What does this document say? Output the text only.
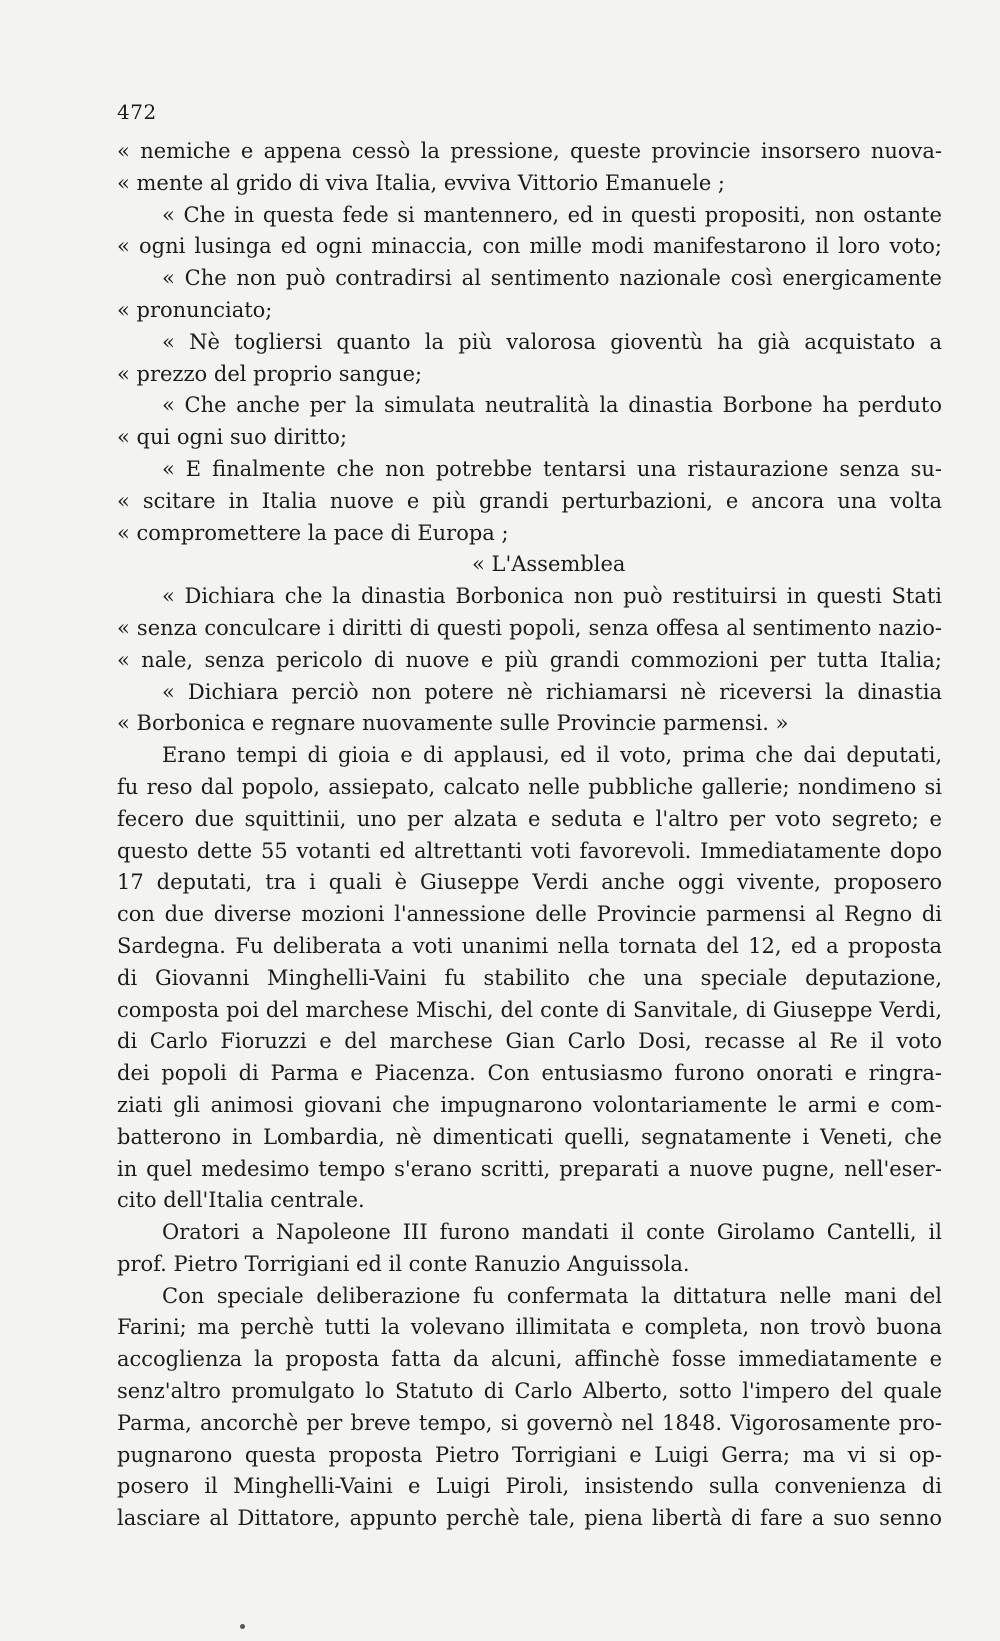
472
« nemiche e appena cessò la pressione, queste provincie insorsero nuova-
« mente al grido di viva Italia, evviva Vittorio Emanuele ;
« Che in questa fede si mantennero, ed in questi propositi, non ostante
« ogni lusinga ed ogni minaccia, con mille modi manifestarono il loro voto;
« Che non può contradirsi al sentimento nazionale così energicamente
« pronunciato;
« Nè togliersi quanto la più valorosa gioventù ha già acquistato a
« prezzo del proprio sangue;
« Che anche per la simulata neutralità la dinastia Borbone ha perduto
« qui ogni suo diritto;
« E finalmente che non potrebbe tentarsi una ristaurazione senza su-
« scitare in Italia nuove e più grandi perturbazioni, e ancora una volta
« compromettere la pace di Europa ;
« L'Assemblea
« Dichiara che la dinastia Borbonica non può restituirsi in questi Stati
« senza conculcare i diritti di questi popoli, senza offesa al sentimento nazio-
« nale, senza pericolo di nuove e più grandi commozioni per tutta Italia;
« Dichiara perciò non potere nè richiamarsi nè riceversi la dinastia
« Borbonica e regnare nuovamente sulle Provincie parmensi. »
Erano tempi di gioia e di applausi, ed il voto, prima che dai deputati,
fu reso dal popolo, assiepato, calcato nelle pubbliche gallerie; nondimeno si
fecero due squittinii, uno per alzata e seduta e l'altro per voto segreto; e
questo dette 55 votanti ed altrettanti voti favorevoli. Immediatamente dopo
17 deputati, tra i quali è Giuseppe Verdi anche oggi vivente, proposero
con due diverse mozioni l'annessione delle Provincie parmensi al Regno di
Sardegna. Fu deliberata a voti unanimi nella tornata del 12, ed a proposta
di Giovanni Minghelli-Vaini fu stabilito che una speciale deputazione,
composta poi del marchese Mischi, del conte di Sanvitale, di Giuseppe Verdi,
di Carlo Fioruzzi e del marchese Gian Carlo Dosi, recasse al Re il voto
dei popoli di Parma e Piacenza. Con entusiasmo furono onorati e ringra-
ziati gli animosi giovani che impugnarono volontariamente le armi e com-
batterono in Lombardia, nè dimenticati quelli, segnatamente i Veneti, che
in quel medesimo tempo s'erano scritti, preparati a nuove pugne, nell'eser-
cito dell'Italia centrale.
Oratori a Napoleone III furono mandati il conte Girolamo Cantelli, il
prof. Pietro Torrigiani ed il conte Ranuzio Anguissola.
Con speciale deliberazione fu confermata la dittatura nelle mani del
Farini; ma perchè tutti la volevano illimitata e completa, non trovò buona
accoglienza la proposta fatta da alcuni, affinchè fosse immediatamente e
senz'altro promulgato lo Statuto di Carlo Alberto, sotto l'impero del quale
Parma, ancorchè per breve tempo, si governò nel 1848. Vigorosamente pro-
pugnarono questa proposta Pietro Torrigiani e Luigi Gerra; ma vi si op-
posero il Minghelli-Vaini e Luigi Piroli, insistendo sulla convenienza di
lasciare al Dittatore, appunto perchè tale, piena libertà di fare a suo senno
